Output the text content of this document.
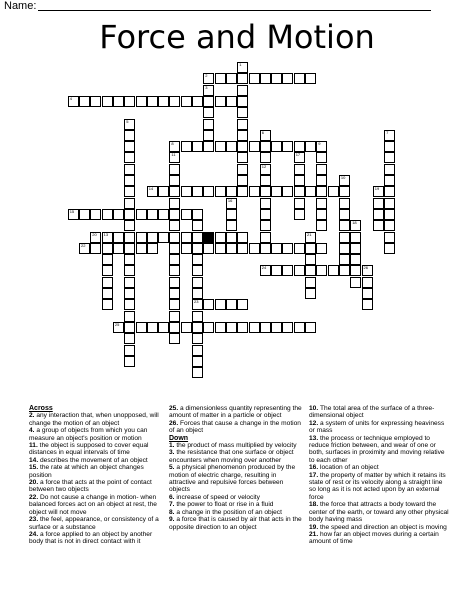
Name:
Force and Motion
1
2
3
4
5
6
12
7
8
11
9
10
17
14
15
18
19
16
20 13	21
22
24	26
23
25
Across
2. any interaction that, when unopposed, will change the motion of an object
4. a group of objects from which you can measure an object's position or motion
11. the object is supposed to cover equal distances in equal intervals of time
14. describes the movement of an object
15. the rate at which an object changes position
20. a force that acts at the point of contact between two objects
22. Do not cause a change in motion- when balanced forces act on an object at rest, the object will not move
23. the feel, appearance, or consistency of a surface or a substance
24. a force applied to an object by another body that is not in direct contact with it
25. a dimensionless quantity representing the amount of matter in a particle or object
26. Forces that cause a change in the motion of an object
Down
1. the product of mass multiplied by velocity
3. the resistance that one surface or object encounters when moving over another
5. a physical phenomenon produced by the motion of electric charge, resulting in attractive and repulsive forces between objects
6. increase of speed or velocity
7. the power to float or rise in a fluid
8. a change in the position of an object
9. a force that is caused by air that acts in the opposite direction to an object
10. The total area of the surface of a three-dimensional object
12. a system of units for expressing heaviness or mass
13. the process or technique employed to reduce friction between, and wear of one or both, surfaces in proximity and moving relative to each other
16. location of an object
17. the property of matter by which it retains its state of rest or its velocity along a straight line so long as it is not acted upon by an external force
18. the force that attracts a body toward the center of the earth, or toward any other physical body having mass
19. the speed and direction an object is moving
21. how far an object moves during a certain amount of time
